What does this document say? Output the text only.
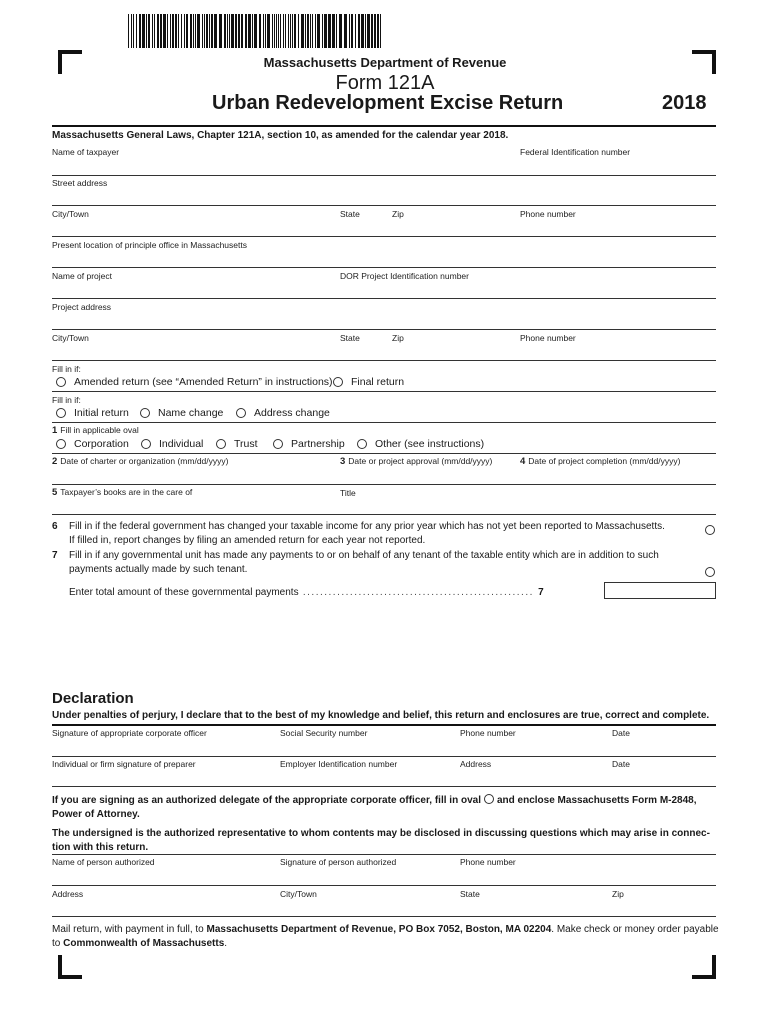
Massachusetts Department of Revenue
Form 121A
Urban Redevelopment Excise Return	2018
Massachusetts General Laws, Chapter 121A, section 10, as amended for the calendar year 2018.
Name of taxpayer	Federal Identification number
Street address
City/Town	State	Zip	Phone number
Present location of principle office in Massachusetts
Name of project	DOR Project Identification number
Project address
City/Town	State	Zip	Phone number
Fill in if:
Amended return (see “Amended Return” in instructions) Final return
Fill in if:
Initial return	Name change	Address change
1 Fill in applicable oval
Corporation	Individual	Trust	Partnership	Other (see instructions)
2 Date of charter or organization (mm/dd/yyyy)	3 Date or project approval (mm/dd/yyyy)	4 Date of project completion (mm/dd/yyyy)
5 Taxpayer’s books are in the care of	Title
6 Fill in if the federal government has changed your taxable income for any prior year which has not yet been reported to Massachusetts.
If filled in, report changes by filing an amended return for each year not reported.
7 Fill in if any governmental unit has made any payments to or on behalf of any tenant of the taxable entity which are in addition to such
payments actually made by such tenant.
Enter total amount of these governmental payments ...................................................... 7
Declaration
Under penalties of perjury, I declare that to the best of my knowledge and belief, this return and enclosures are true, correct and complete.
Signature of appropriate corporate officer	Social Security number	Phone number	Date
Individual or firm signature of preparer	Employer Identification number	Address	Date
If you are signing as an authorized delegate of the appropriate corporate officer, fill in oval and enclose Massachusetts Form M-2848,
Power of Attorney.
The undersigned is the authorized representative to whom contents may be disclosed in discussing questions which may arise in connec-
tion with this return.
Name of person authorized	Signature of person authorized	Phone number
Address	City/Town	State	Zip
Mail return, with payment in full, to Massachusetts Department of Revenue, PO Box 7052, Boston, MA 02204. Make check or money order payable
to Commonwealth of Massachusetts.
